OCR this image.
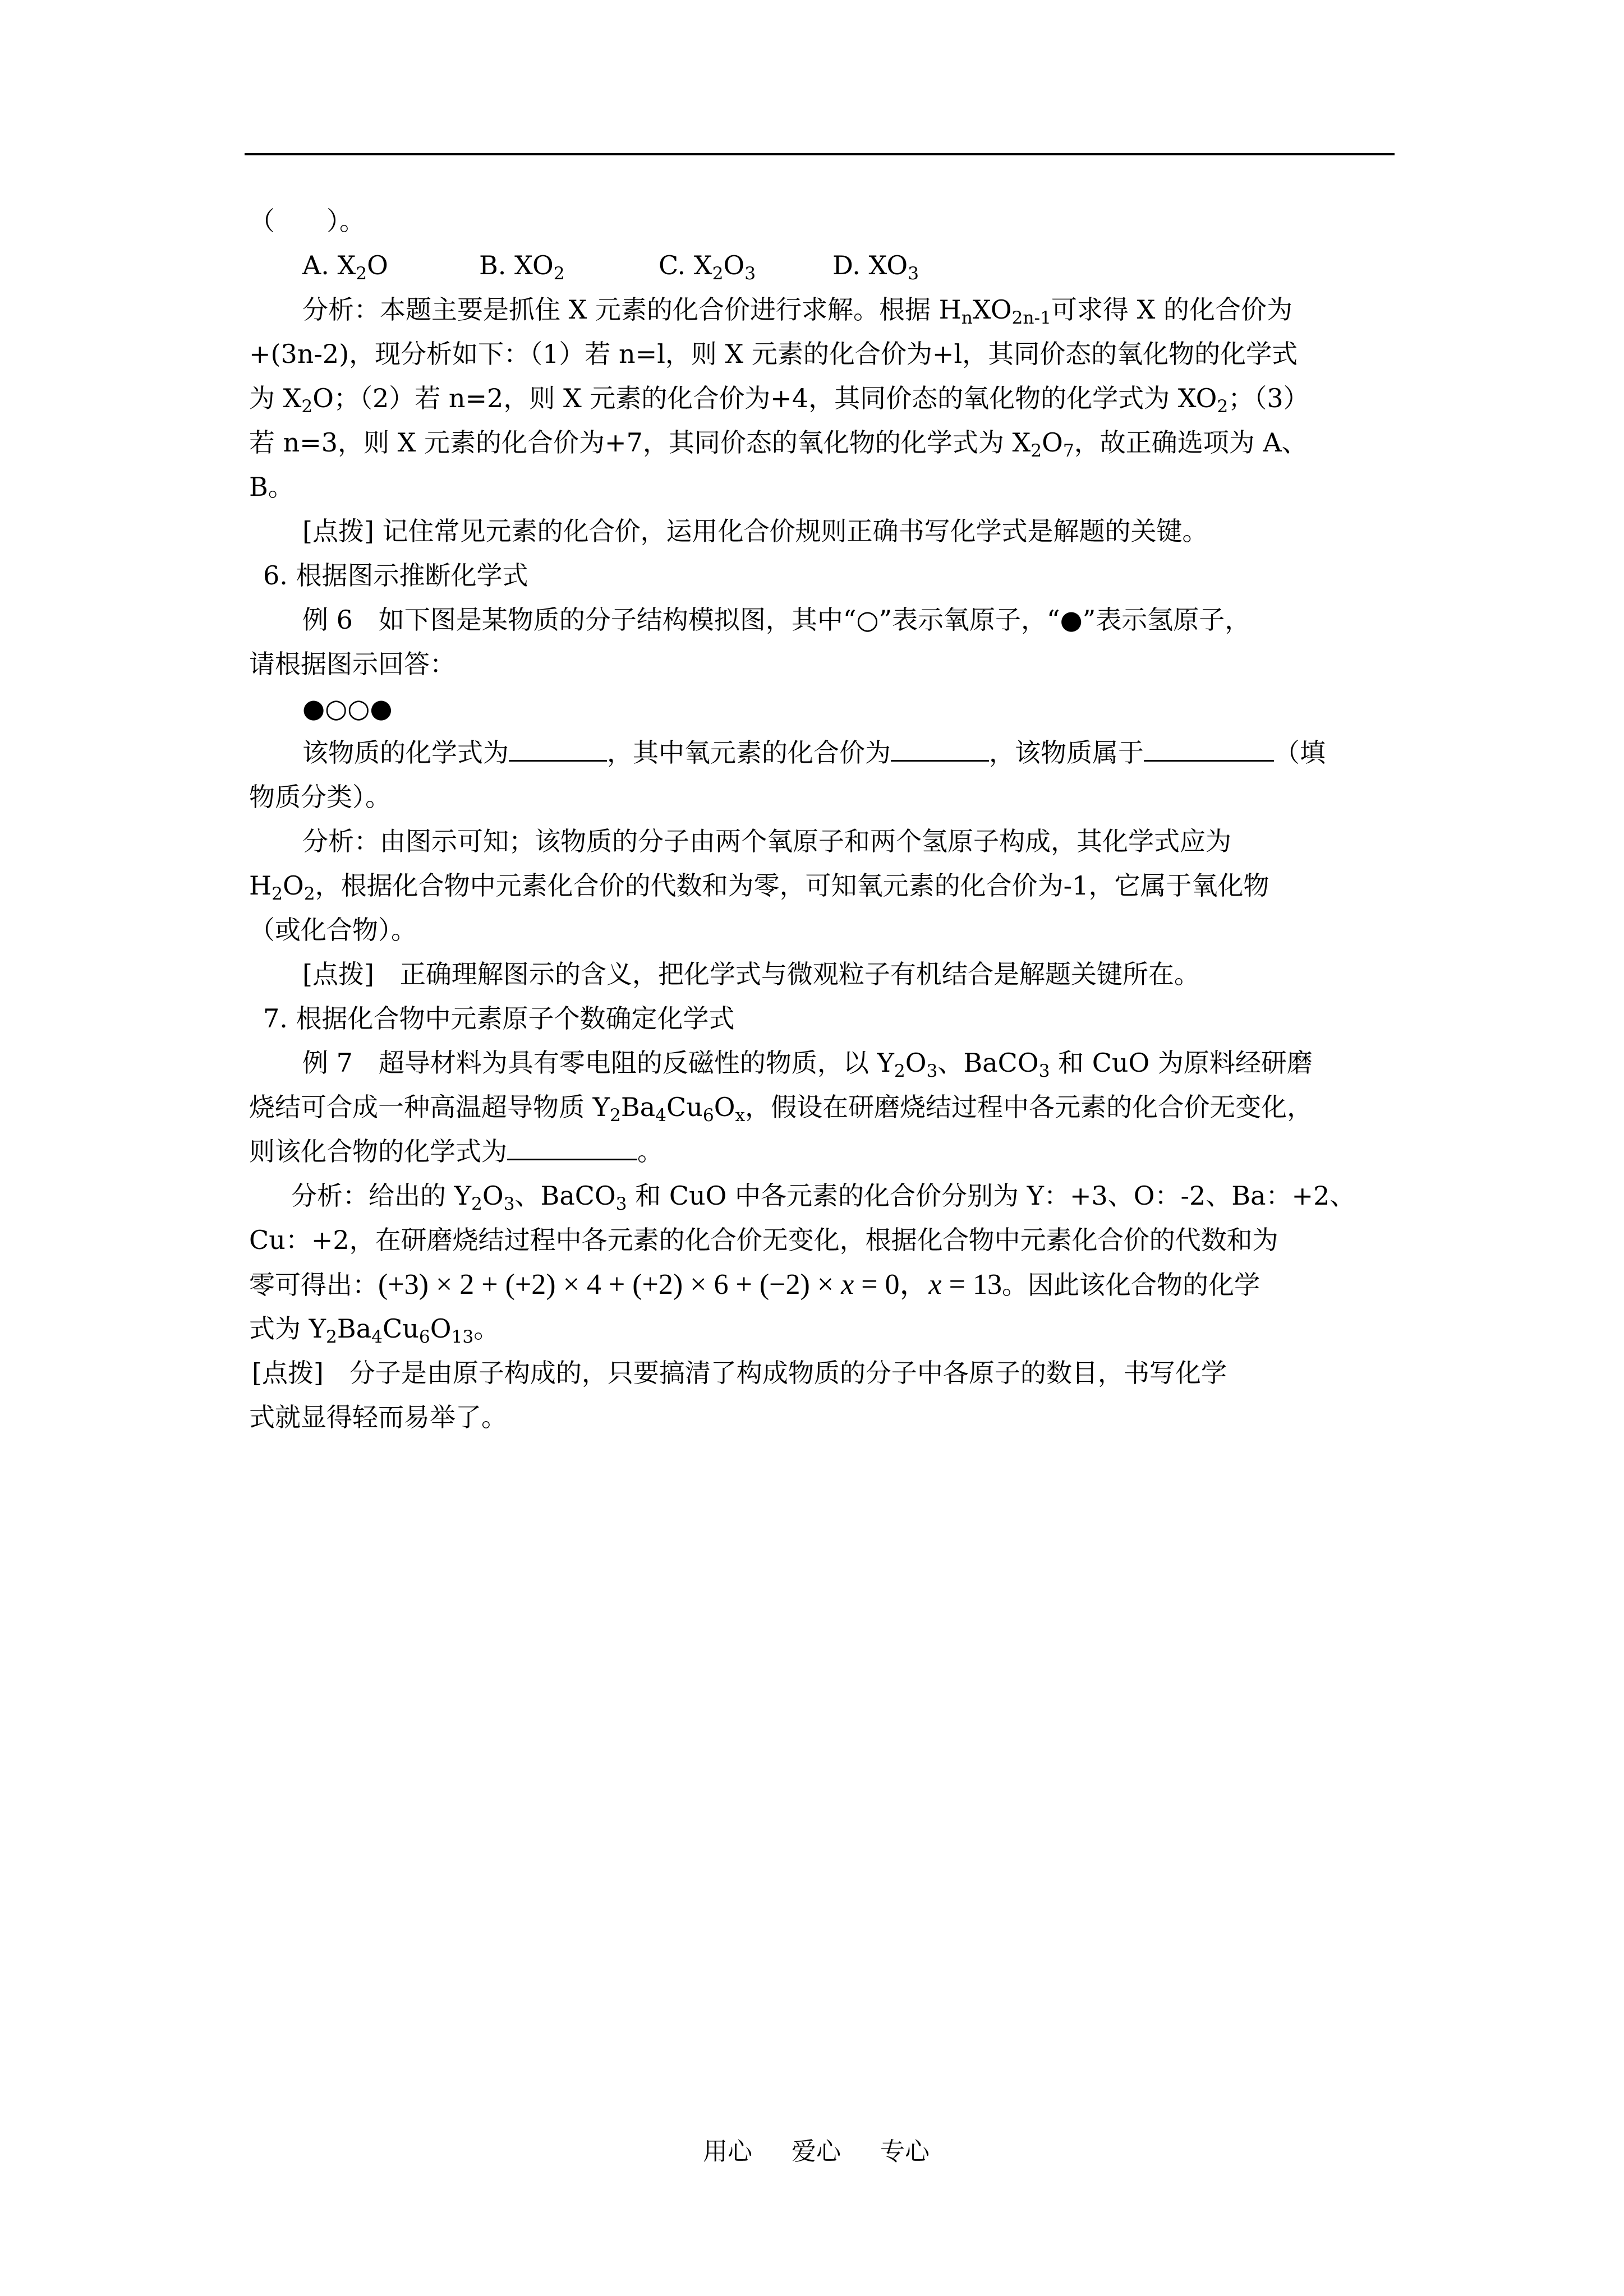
（　　）。
A. $X_2O$	B. $XO_2$	C. $X_2O_3$	D. $XO_3$
分析：本题主要是抓住 X 元素的化合价进行求解。根据 $H_nXO_{2n-1}$可求得 X 的化合价为
+(3n-2)，现分析如下：（1）若 n=l，则 X 元素的化合价为+l，其同价态的氧化物的化学式
为 $X_2O$；（2）若 n=2，则 X 元素的化合价为+4，其同价态的氧化物的化学式为 $XO_2$；（3）
若 n=3，则 X 元素的化合价为+7，其同价态的氧化物的化学式为 $X_2O_7$，故正确选项为 A、
B。
[点拨] 记住常见元素的化合价，运用化合价规则正确书写化学式是解题的关键。
6. 根据图示推断化学式
例 6　如下图是某物质的分子结构模拟图，其中“○”表示氧原子，“●”表示氢原子，
请根据图示回答：
●○○●
该物质的化学式为	，其中氧元素的化合价为	，该物质属于	（填
物质分类）。
分析：由图示可知；该物质的分子由两个氧原子和两个氢原子构成，其化学式应为
$H_2O_2$，根据化合物中元素化合价的代数和为零，可知氧元素的化合价为-1，它属于氧化物
（或化合物）。
[点拨]　正确理解图示的含义，把化学式与微观粒子有机结合是解题关键所在。
7. 根据化合物中元素原子个数确定化学式
例 7　超导材料为具有零电阻的反磁性的物质，以 $Y_2O_3$、BaCO$_3$ 和 CuO 为原料经研磨
烧结可合成一种高温超导物质 $Y_2Ba_4Cu_6O_x$，假设在研磨烧结过程中各元素的化合价无变化，
则该化合物的化学式为	。
分析：给出的 $Y_2O_3$、BaCO$_3$ 和 CuO 中各元素的化合价分别为 Y：+3、O：-2、Ba：+2、
Cu：+2，在研磨烧结过程中各元素的化合价无变化，根据化合物中元素化合价的代数和为
零可得出：(+3) × 2 + (+2) × 4 + (+2) × 6 + (−2) × x = 0，x = 13。因此该化合物的化学
式为 $Y_2Ba_4Cu_6O_{13}$。
[点拨]　分子是由原子构成的，只要搞清了构成物质的分子中各原子的数目，书写化学
式就显得轻而易举了。
用心 爱心 专心
